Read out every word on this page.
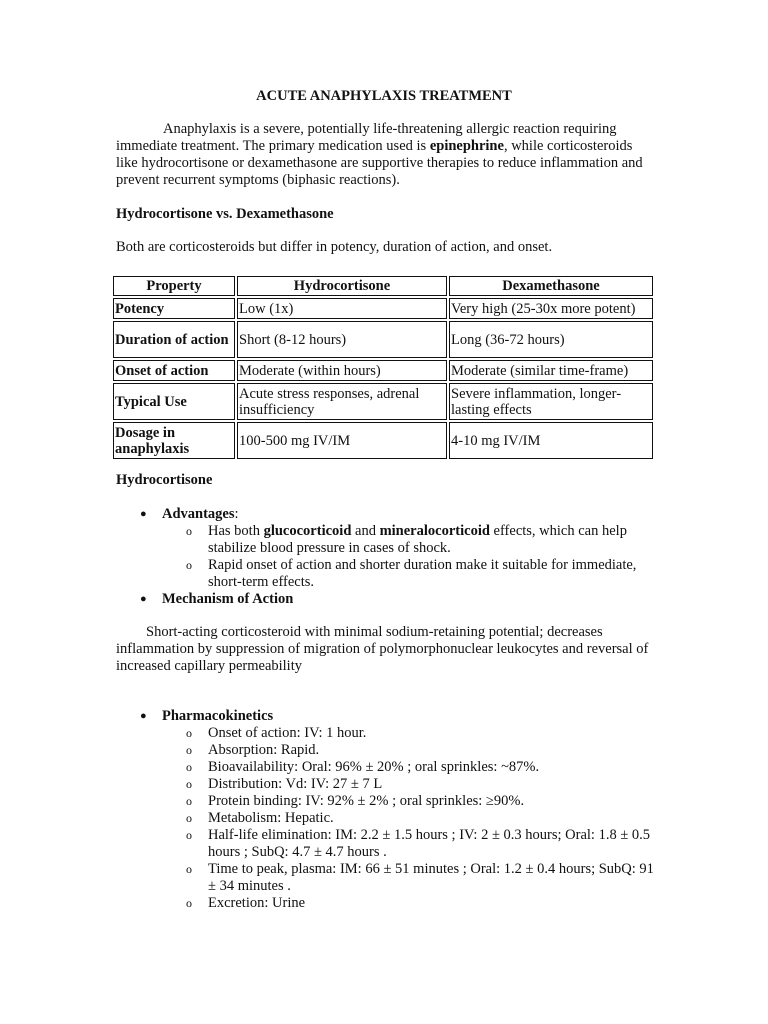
ACUTE ANAPHYLAXIS TREATMENT
Anaphylaxis is a severe, potentially life-threatening allergic reaction requiring immediate treatment. The primary medication used is epinephrine, while corticosteroids like hydrocortisone or dexamethasone are supportive therapies to reduce inflammation and prevent recurrent symptoms (biphasic reactions).
Hydrocortisone vs. Dexamethasone
Both are corticosteroids but differ in potency, duration of action, and onset.
Property	Hydrocortisone	Dexamethasone
Potency	Low (1x)	Very high (25-30x more potent)
Duration of action	Short (8-12 hours)	Long (36-72 hours)
Onset of action	Moderate (within hours)	Moderate (similar time-frame)
Typical Use	Acute stress responses, adrenal insufficiency	Severe inflammation, longer-lasting effects
Dosage in anaphylaxis	100-500 mg IV/IM	4-10 mg IV/IM
Hydrocortisone
● Advantages:
o Has both glucocorticoid and mineralocorticoid effects, which can help stabilize blood pressure in cases of shock.
o Rapid onset of action and shorter duration make it suitable for immediate, short-term effects.
● Mechanism of Action
Short-acting corticosteroid with minimal sodium-retaining potential; decreases inflammation by suppression of migration of polymorphonuclear leukocytes and reversal of increased capillary permeability
● Pharmacokinetics
o Onset of action: IV: 1 hour.
o Absorption: Rapid.
o Bioavailability: Oral: 96% ± 20% ; oral sprinkles: ~87%.
o Distribution: Vd: IV: 27 ± 7 L
o Protein binding: IV: 92% ± 2% ; oral sprinkles: ≥90%.
o Metabolism: Hepatic.
o Half-life elimination: IM: 2.2 ± 1.5 hours ; IV: 2 ± 0.3 hours; Oral: 1.8 ± 0.5 hours ; SubQ: 4.7 ± 4.7 hours .
o Time to peak, plasma: IM: 66 ± 51 minutes ; Oral: 1.2 ± 0.4 hours; SubQ: 91 ± 34 minutes .
o Excretion: Urine
